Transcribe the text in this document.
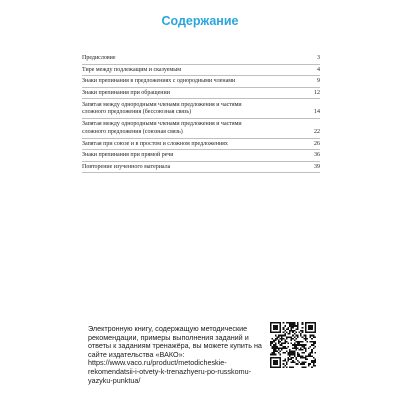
Содержание
Предисловие	3
Тире между подлежащим и сказуемым	4
Знаки препинания в предложениях с однородными членами	9
Знаки препинания при обращении	12
Запятая между однородными членами предложения и частями
сложного предложения (бессоюзная связь)	14
Запятая между однородными членами предложения и частями
сложного предложения (союзная связь)	22
Запятая при союзе и в простом и сложном предложениях	26
Знаки препинания при прямой речи	36
Повторение изученного материала	39
Электронную книгу, содержащую методические рекомендации, примеры выполнения заданий и ответы к заданиям тренажёра, вы можете купить на сайте издательства «ВАКО»:
https://www.vaco.ru/product/metodicheskie-rekomendatsii-i-otvety-k-trenazhyeru-po-russkomu-yazyku-punktua/
